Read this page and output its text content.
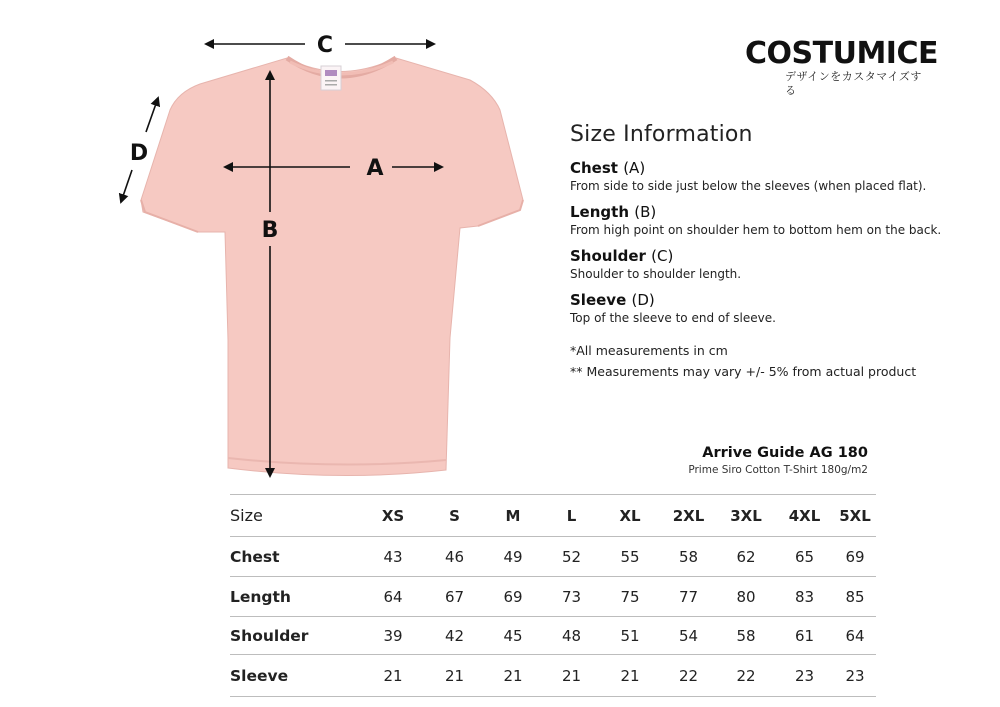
COSTUMICE
デザインをカスタマイズする
C
A
B
D
Size Information
Chest (A)

From side to side just below the sleeves (when placed flat).

Length (B)

From high point on shoulder hem to bottom hem on the back.

Shoulder (C)

Shoulder to shoulder length.

Sleeve (D)

Top of the sleeve to end of sleeve.

*All measurements in cm
** Measurements may vary +/- 5% from actual product
Arrive Guide AG 180
Prime Siro Cotton T-Shirt 180g/m2
Size	XS	S	M	L	XL	2XL	3XL	4XL	5XL
Chest	43	46	49	52	55	58	62	65	69
Length	64	67	69	73	75	77	80	83	85
Shoulder	39	42	45	48	51	54	58	61	64
Sleeve	21	21	21	21	21	22	22	23	23
